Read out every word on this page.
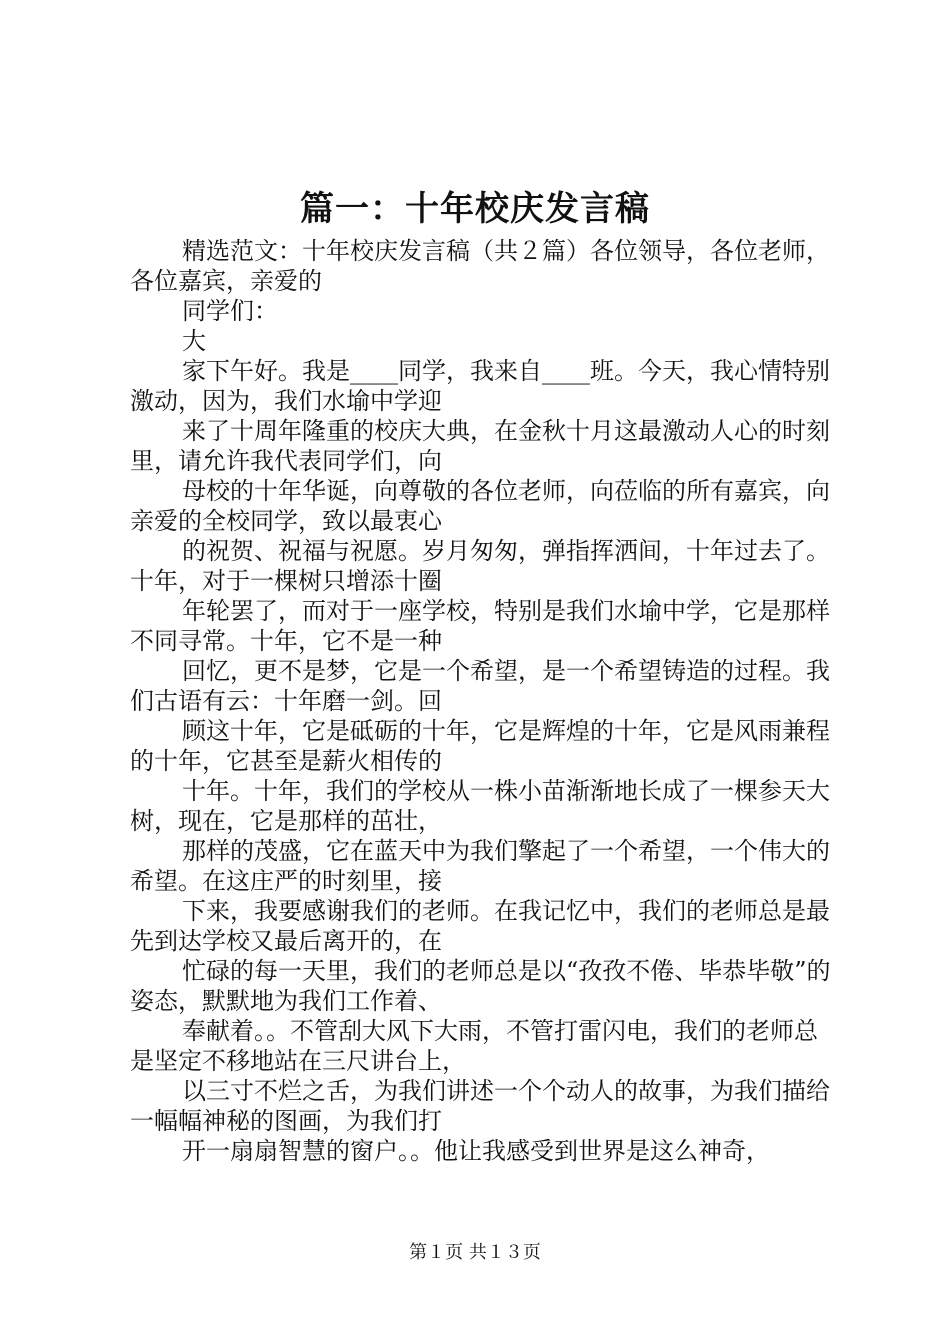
篇一：十年校庆发言稿

精选范文：十年校庆发言稿（共２篇）各位领导，各位老师，各位嘉宾，亲爱的

同学们：

大

家下午好。我是____同学，我来自____班。今天，我心情特别激动，因为，我们水堬中学迎

来了十周年隆重的校庆大典，在金秋十月这最激动人心的时刻里，请允许我代表同学们，向

母校的十年华诞，向尊敬的各位老师，向莅临的所有嘉宾，向亲爱的全校同学，致以最衷心

的祝贺、祝福与祝愿。岁月匆匆，弹指挥洒间，十年过去了。十年，对于一棵树只增添十圈

年轮罢了，而对于一座学校，特别是我们水堬中学，它是那样不同寻常。十年，它不是一种

回忆，更不是梦，它是一个希望，是一个希望铸造的过程。我们古语有云：十年磨一剑。回

顾这十年，它是砥砺的十年，它是辉煌的十年，它是风雨兼程的十年，它甚至是薪火相传的

十年。十年，我们的学校从一株小苗渐渐地长成了一棵参天大树，现在，它是那样的茁壮，

那样的茂盛，它在蓝天中为我们擎起了一个希望，一个伟大的希望。在这庄严的时刻里，接

下来，我要感谢我们的老师。在我记忆中，我们的老师总是最先到达学校又最后离开的，在

忙碌的每一天里，我们的老师总是以“孜孜不倦、毕恭毕敬”的姿态，默默地为我们工作着、

奉献着。。不管刮大风下大雨，不管打雷闪电，我们的老师总是坚定不移地站在三尺讲台上，

以三寸不烂之舌，为我们讲述一个个动人的故事，为我们描给一幅幅神秘的图画，为我们打

开一扇扇智慧的窗户。。他让我感受到世界是这么神奇，

第１页 共１３页
